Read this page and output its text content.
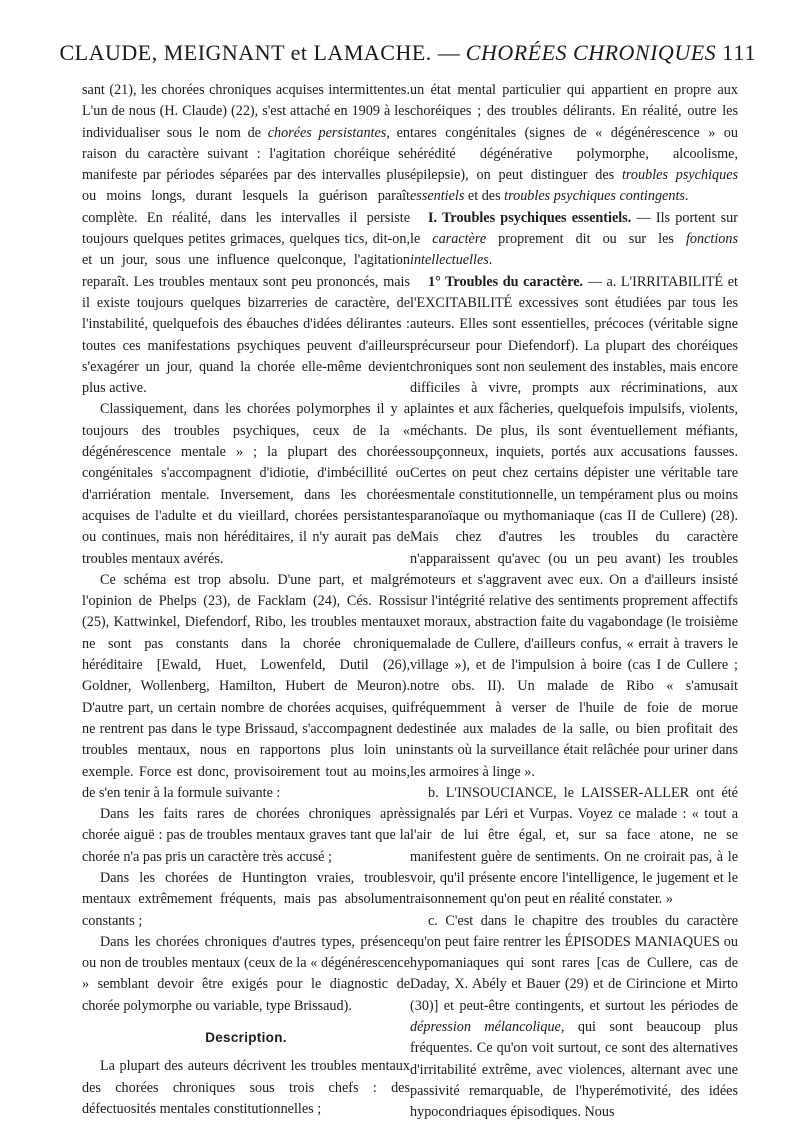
CLAUDE, MEIGNANT et LAMACHE. — CHORÉES CHRONIQUES 111

sant (21), les chorées chroniques acquises intermittentes. L'un de nous (H. Claude) (22), s'est attaché en 1909 à les individualiser sous le nom de chorées persistantes, en raison du caractère suivant : l'agitation choréique se manifeste par périodes séparées par des intervalles plus ou moins longs, durant lesquels la guérison paraît complète. En réalité, dans les intervalles il persiste toujours quelques petites grimaces, quelques tics, dit-on, et un jour, sous une influence quelconque, l'agitation reparaît. Les troubles mentaux sont peu prononcés, mais il existe toujours quelques bizarreries de caractère, de l'instabilité, quelquefois des ébauches d'idées délirantes : toutes ces manifestations psychiques peuvent d'ailleurs s'exagérer un jour, quand la chorée elle-même devient plus active.

Classiquement, dans les chorées polymorphes il y a toujours des troubles psychiques, ceux de la « dégénérescence mentale » ; la plupart des chorées congénitales s'accompagnent d'idiotie, d'imbécillité ou d'arriération mentale. Inversement, dans les chorées acquises de l'adulte et du vieillard, chorées persistantes ou continues, mais non héréditaires, il n'y aurait pas de troubles mentaux avérés.

Ce schéma est trop absolu. D'une part, et malgré l'opinion de Phelps (23), de Facklam (24), Cés. Rossi (25), Kattwinkel, Diefendorf, Ribo, les troubles mentaux ne sont pas constants dans la chorée chronique héréditaire [Ewald, Huet, Lowenfeld, Dutil (26), Goldner, Wollenberg, Hamilton, Hubert de Meuron). D'autre part, un certain nombre de chorées acquises, qui ne rentrent pas dans le type Brissaud, s'accompagnent de troubles mentaux, nous en rapportons plus loin un exemple. Force est donc, provisoirement tout au moins, de s'en tenir à la formule suivante :

Dans les faits rares de chorées chroniques après chorée aiguë : pas de troubles mentaux graves tant que la chorée n'a pas pris un caractère très accusé ;

Dans les chorées de Huntington vraies, troubles mentaux extrêmement fréquents, mais pas absolument constants ;

Dans les chorées chroniques d'autres types, présence ou non de troubles mentaux (ceux de la « dégénérescence » semblant devoir être exigés pour le diagnostic de chorée polymorphe ou variable, type Brissaud).

Description.

La plupart des auteurs décrivent les troubles mentaux des chorées chroniques sous trois chefs : des défectuosités mentales constitutionnelles ;

un état mental particulier qui appartient en propre aux choréiques ; des troubles délirants. En réalité, outre les tares congénitales (signes de « dégénérescence » ou hérédité dégénérative polymorphe, alcoolisme, épilepsie), on peut distinguer des troubles psychiques essentiels et des troubles psychiques contingents.

I. Troubles psychiques essentiels. — Ils portent sur le caractère proprement dit ou sur les fonctions intellectuelles.

1° Troubles du caractère. — a. L'IRRITABILITÉ et l'EXCITABILITÉ excessives sont étudiées par tous les auteurs. Elles sont essentielles, précoces (véritable signe précurseur pour Diefendorf). La plupart des choréiques chroniques sont non seulement des instables, mais encore difficiles à vivre, prompts aux récriminations, aux plaintes et aux fâcheries, quelquefois impulsifs, violents, méchants. De plus, ils sont éventuellement méfiants, soupçonneux, inquiets, portés aux accusations fausses. Certes on peut chez certains dépister une véritable tare mentale constitutionnelle, un tempérament plus ou moins paranoïaque ou mythomaniaque (cas II de Cullere) (28). Mais chez d'autres les troubles du caractère n'apparaissent qu'avec (ou un peu avant) les troubles moteurs et s'aggravent avec eux. On a d'ailleurs insisté sur l'intégrité relative des sentiments proprement affectifs et moraux, abstraction faite du vagabondage (le troisième malade de Cullere, d'ailleurs confus, « errait à travers le village »), et de l'impulsion à boire (cas I de Cullere ; notre obs. II). Un malade de Ribo « s'amusait fréquemment à verser de l'huile de foie de morue destinée aux malades de la salle, ou bien profitait des instants où la surveillance était relâchée pour uriner dans les armoires à linge ».

b. L'INSOUCIANCE, le LAISSER-ALLER ont été signalés par Léri et Vurpas. Voyez ce malade : « tout a l'air de lui être égal, et, sur sa face atone, ne se manifestent guère de sentiments. On ne croirait pas, à le voir, qu'il présente encore l'intelligence, le jugement et le raisonnement qu'on peut en réalité constater. »

c. C'est dans le chapitre des troubles du caractère qu'on peut faire rentrer les ÉPISODES MANIAQUES ou hypomaniaques qui sont rares [cas de Cullere, cas de Daday, X. Abély et Bauer (29) et de Cirincione et Mirto (30)] et peut-être contingents, et surtout les périodes de dépression mélancolique, qui sont beaucoup plus fréquentes. Ce qu'on voit surtout, ce sont des alternatives d'irritabilité extrême, avec violences, alternant avec une passivité remarquable, de l'hyperémotivité, des idées hypocondriaques épisodiques. Nous
